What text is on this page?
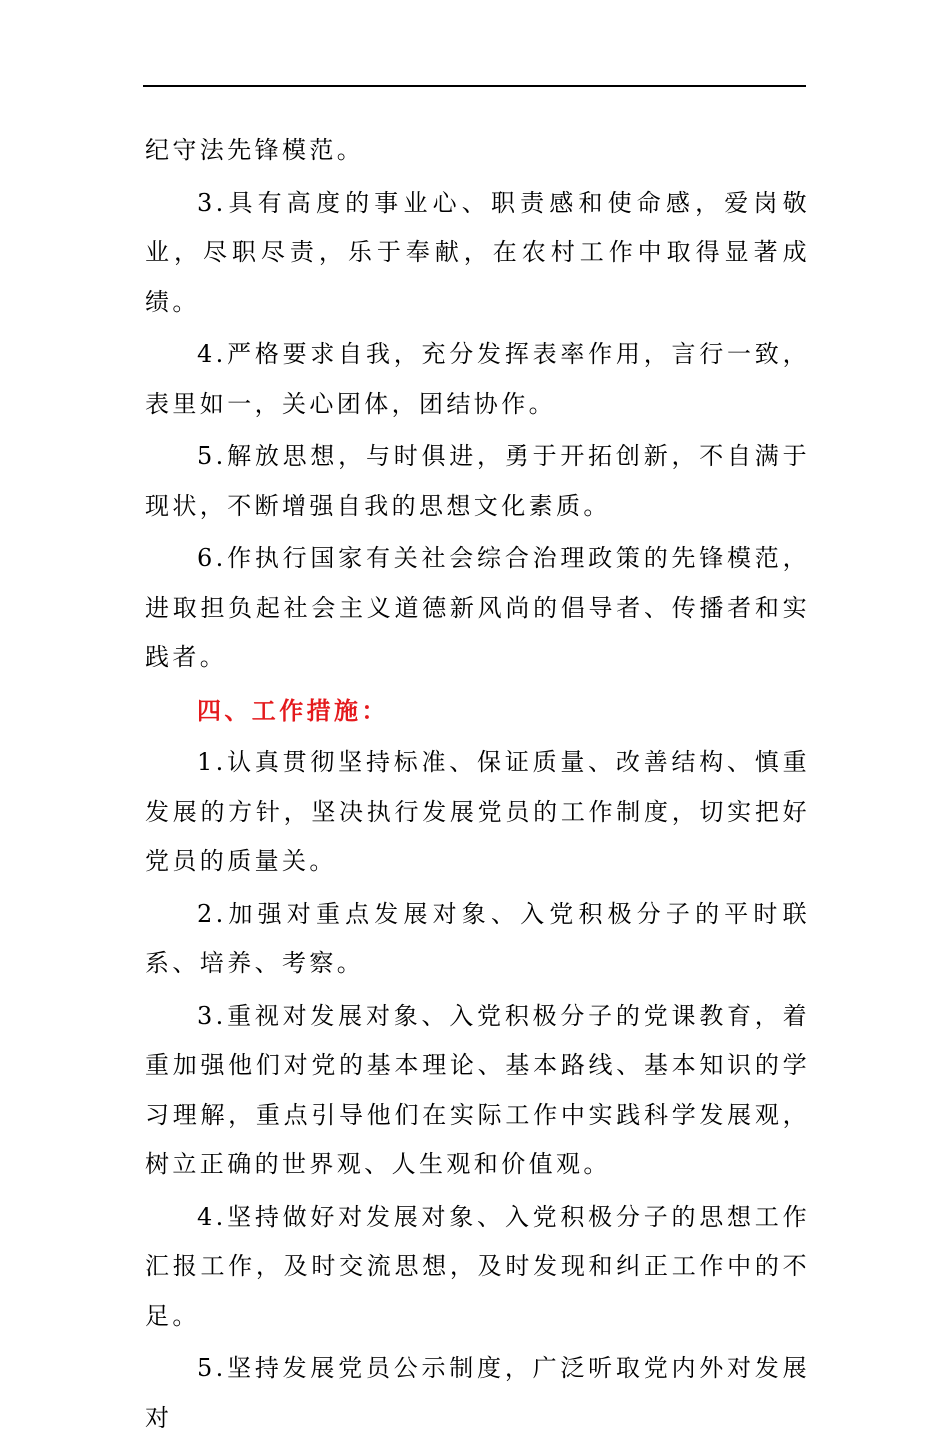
纪守法先锋模范。

3.具有高度的事业心、职责感和使命感，爱岗敬业，尽职尽责，乐于奉献，在农村工作中取得显著成绩。

4.严格要求自我，充分发挥表率作用，言行一致，表里如一，关心团体，团结协作。

5.解放思想，与时俱进，勇于开拓创新，不自满于现状，不断增强自我的思想文化素质。

6.作执行国家有关社会综合治理政策的先锋模范，进取担负起社会主义道德新风尚的倡导者、传播者和实践者。

四、工作措施：

1.认真贯彻坚持标准、保证质量、改善结构、慎重发展的方针，坚决执行发展党员的工作制度，切实把好党员的质量关。

2.加强对重点发展对象、入党积极分子的平时联系、培养、考察。

3.重视对发展对象、入党积极分子的党课教育，着重加强他们对党的基本理论、基本路线、基本知识的学习理解，重点引导他们在实际工作中实践科学发展观，树立正确的世界观、人生观和价值观。

4.坚持做好对发展对象、入党积极分子的思想工作汇报工作，及时交流思想，及时发现和纠正工作中的不足。

5.坚持发展党员公示制度，广泛听取党内外对发展对
